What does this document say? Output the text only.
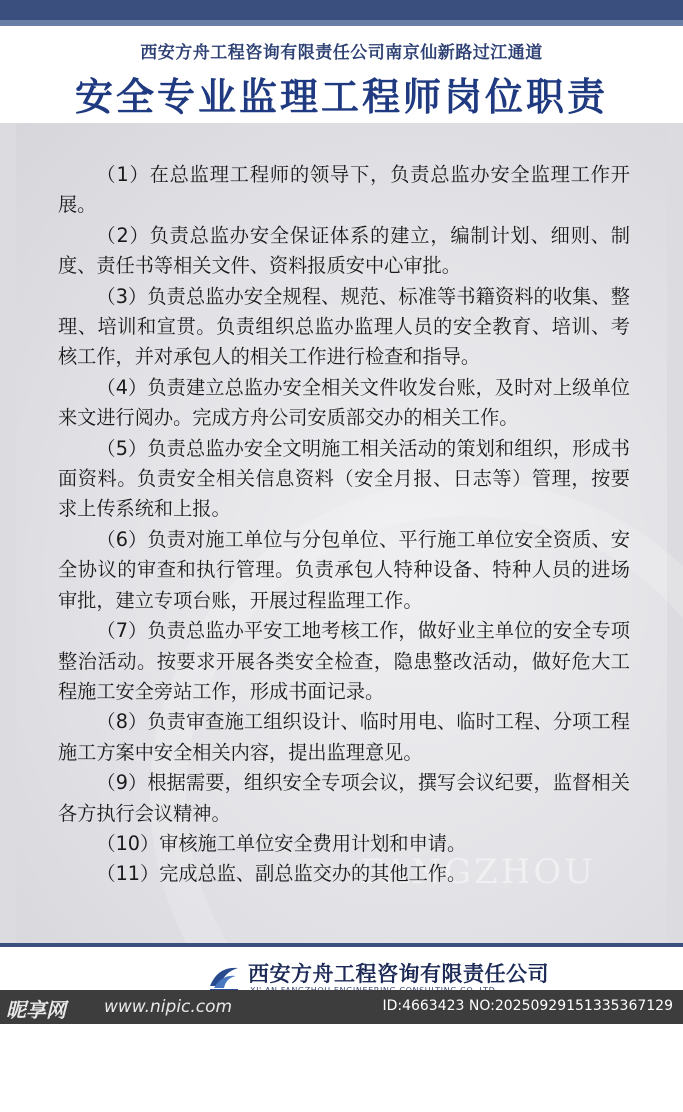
西安方舟工程咨询有限责任公司南京仙新路过江通道
安全专业监理工程师岗位职责
FANGZHOU
（1）在总监理工程师的领导下，负责总监办安全监理工作开展。
（2）负责总监办安全保证体系的建立，编制计划、细则、制度、责任书等相关文件、资料报质安中心审批。
（3）负责总监办安全规程、规范、标准等书籍资料的收集、整理、培训和宣贯。负责组织总监办监理人员的安全教育、培训、考核工作，并对承包人的相关工作进行检查和指导。
（4）负责建立总监办安全相关文件收发台账，及时对上级单位来文进行阅办。完成方舟公司安质部交办的相关工作。
（5）负责总监办安全文明施工相关活动的策划和组织，形成书面资料。负责安全相关信息资料（安全月报、日志等）管理，按要求上传系统和上报。
（6）负责对施工单位与分包单位、平行施工单位安全资质、安全协议的审查和执行管理。负责承包人特种设备、特种人员的进场审批，建立专项台账，开展过程监理工作。
（7）负责总监办平安工地考核工作，做好业主单位的安全专项整治活动。按要求开展各类安全检查，隐患整改活动，做好危大工程施工安全旁站工作，形成书面记录。
（8）负责审查施工组织设计、临时用电、临时工程、分项工程施工方案中安全相关内容，提出监理意见。
（9）根据需要，组织安全专项会议，撰写会议纪要，监督相关各方执行会议精神。
（10）审核施工单位安全费用计划和申请。
（11）完成总监、副总监交办的其他工作。
西安方舟工程咨询有限责任公司
昵享网 www.nipic.com	ID:4663423 NO:20250929151335367129
